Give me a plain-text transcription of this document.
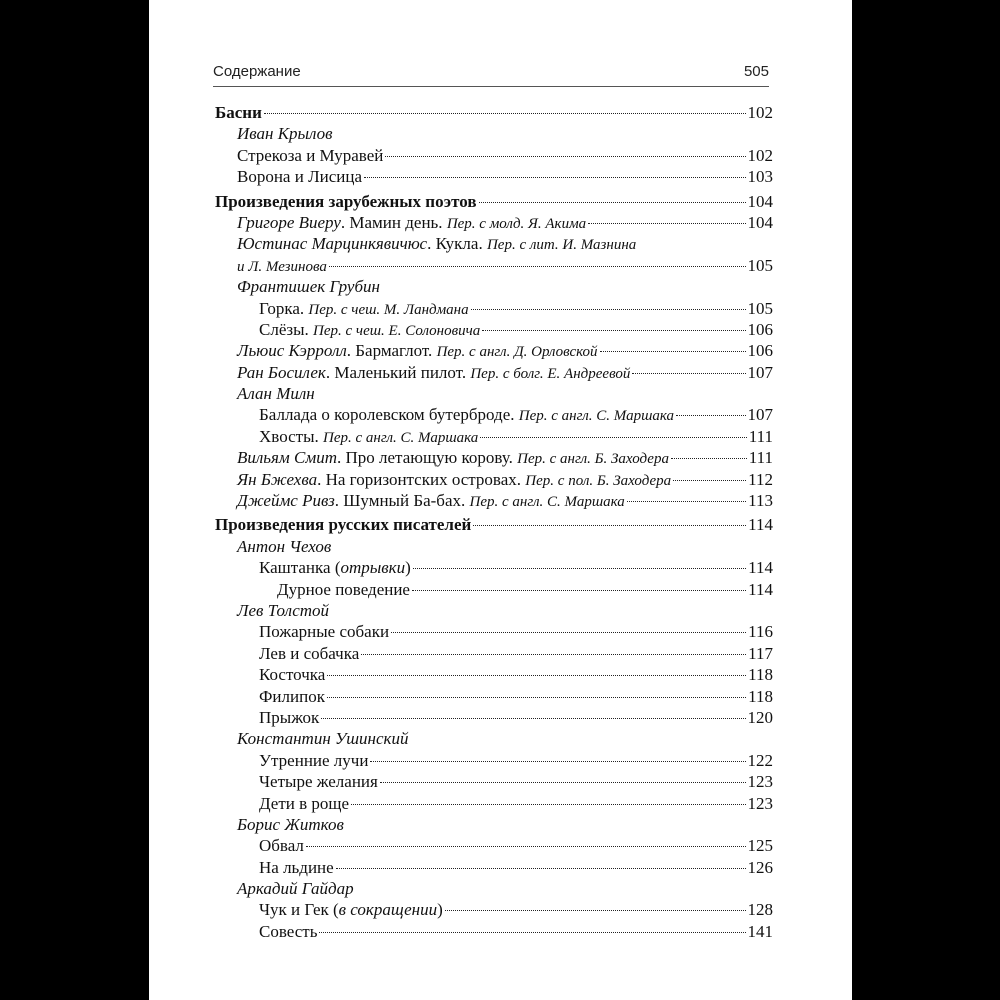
Содержание	505
Басни	102
Иван Крылов
Стрекоза и Муравей	102
Ворона и Лисица	103
Произведения зарубежных поэтов	104
Григоре Виеру. Мамин день. Пер. с молд. Я. Акима	104
Юстинас Марцинкявичюс. Кукла. Пер. с лит. И. Мазнина
и Л. Мезинова	105
Франтишек Грубин
Горка. Пер. с чеш. М. Ландмана	105
Слёзы. Пер. с чеш. Е. Солоновича	106
Льюис Кэрролл. Бармаглот. Пер. с англ. Д. Орловской	106
Ран Босилек. Маленький пилот. Пер. с болг. Е. Андреевой	107
Алан Милн
Баллада о королевском бутерброде. Пер. с англ. С. Маршака	107
Хвосты. Пер. с англ. С. Маршака	111
Вильям Смит. Про летающую корову. Пер. с англ. Б. Заходера	111
Ян Бжехва. На горизонтских островах. Пер. с пол. Б. Заходера	112
Джеймс Ривз. Шумный Ба-бах. Пер. с англ. С. Маршака	113
Произведения русских писателей	114
Антон Чехов
Каштанка (отрывки)	114
Дурное поведение	114
Лев Толстой
Пожарные собаки	116
Лев и собачка	117
Косточка	118
Филипок	118
Прыжок	120
Константин Ушинский
Утренние лучи	122
Четыре желания	123
Дети в роще	123
Борис Житков
Обвал	125
На льдине	126
Аркадий Гайдар
Чук и Гек (в сокращении)	128
Совесть	141
